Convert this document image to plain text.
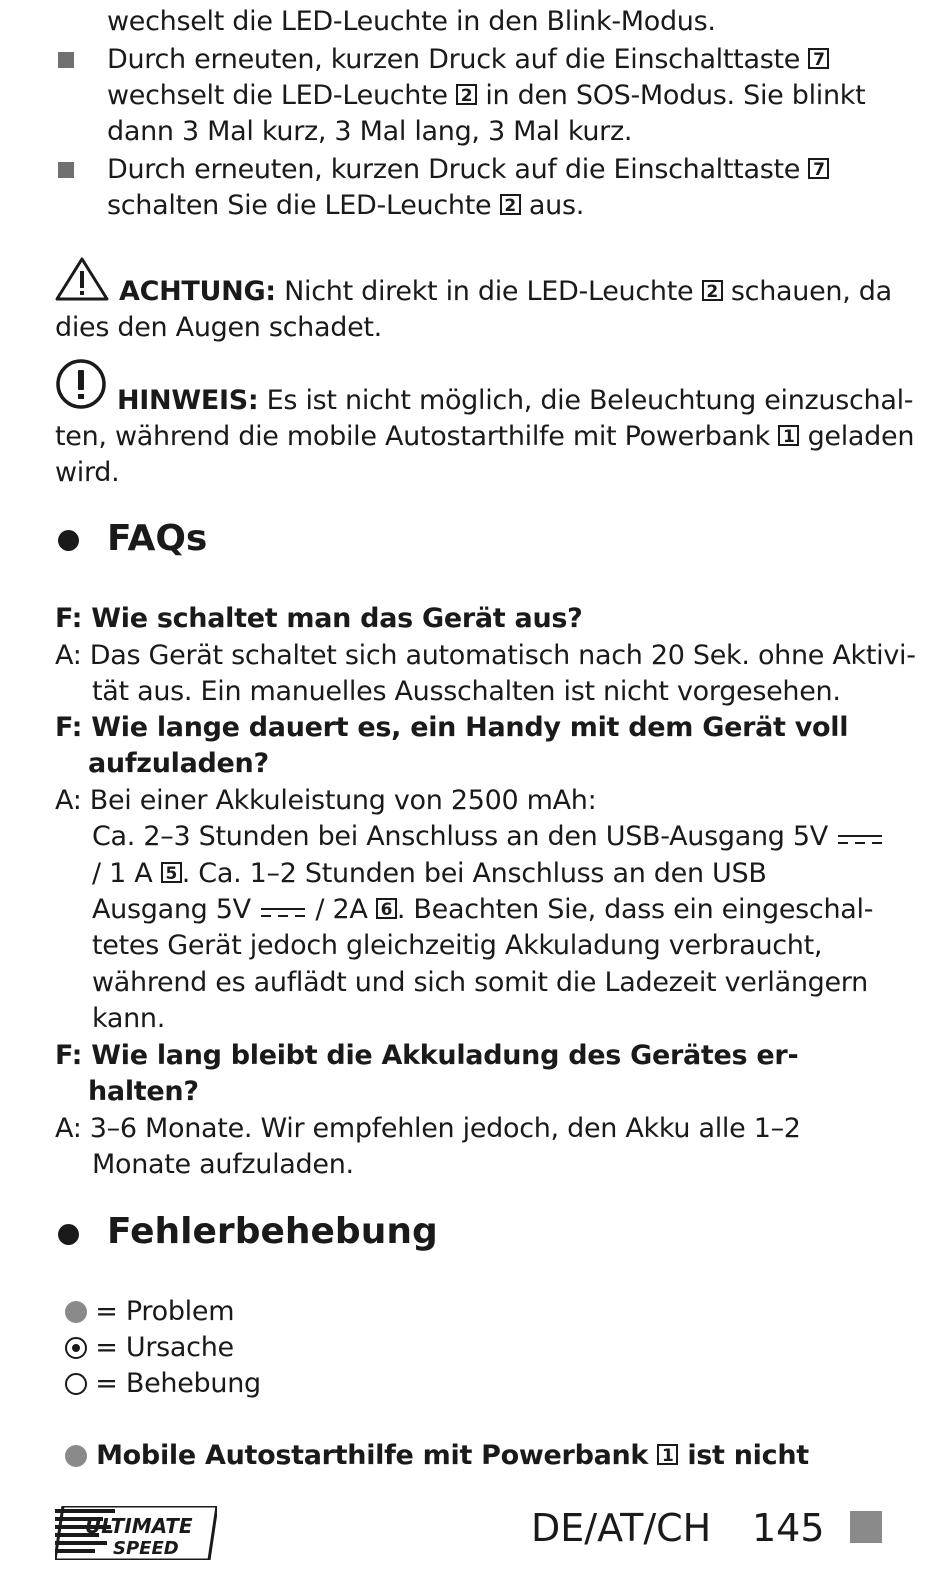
wechselt die LED-Leuchte in den Blink-Modus.
Durch erneuten, kurzen Druck auf die Einschalttaste 7
wechselt die LED-Leuchte 2 in den SOS-Modus. Sie blinkt
dann 3 Mal kurz, 3 Mal lang, 3 Mal kurz.
Durch erneuten, kurzen Druck auf die Einschalttaste 7
schalten Sie die LED-Leuchte 2 aus.
ACHTUNG: Nicht direkt in die LED-Leuchte 2 schauen, da
dies den Augen schadet.
HINWEIS: Es ist nicht möglich, die Beleuchtung einzuschal-
ten, während die mobile Autostarthilfe mit Powerbank 1 geladen
wird.
FAQs
F: Wie schaltet man das Gerät aus?
A: Das Gerät schaltet sich automatisch nach 20 Sek. ohne Aktivi-
tät aus. Ein manuelles Ausschalten ist nicht vorgesehen.
F: Wie lange dauert es, ein Handy mit dem Gerät voll
aufzuladen?
A: Bei einer Akkuleistung von 2500 mAh:
Ca. 2–3 Stunden bei Anschluss an den USB-Ausgang 5V
/ 1 A 5 . Ca. 1–2 Stunden bei Anschluss an den USB
Ausgang 5V / 2A 6 . Beachten Sie, dass ein eingeschal-
tetes Gerät jedoch gleichzeitig Akkuladung verbraucht,
während es auflädt und sich somit die Ladezeit verlängern
kann.
F: Wie lang bleibt die Akkuladung des Gerätes er-
halten?
A: 3–6 Monate. Wir empfehlen jedoch, den Akku alle 1–2
Monate aufzuladen.
Fehlerbehebung
= Problem
= Ursache
= Behebung
Mobile Autostarthilfe mit Powerbank 1 ist nicht
ULTIMATE
SPEED	DE/AT/CH 145
